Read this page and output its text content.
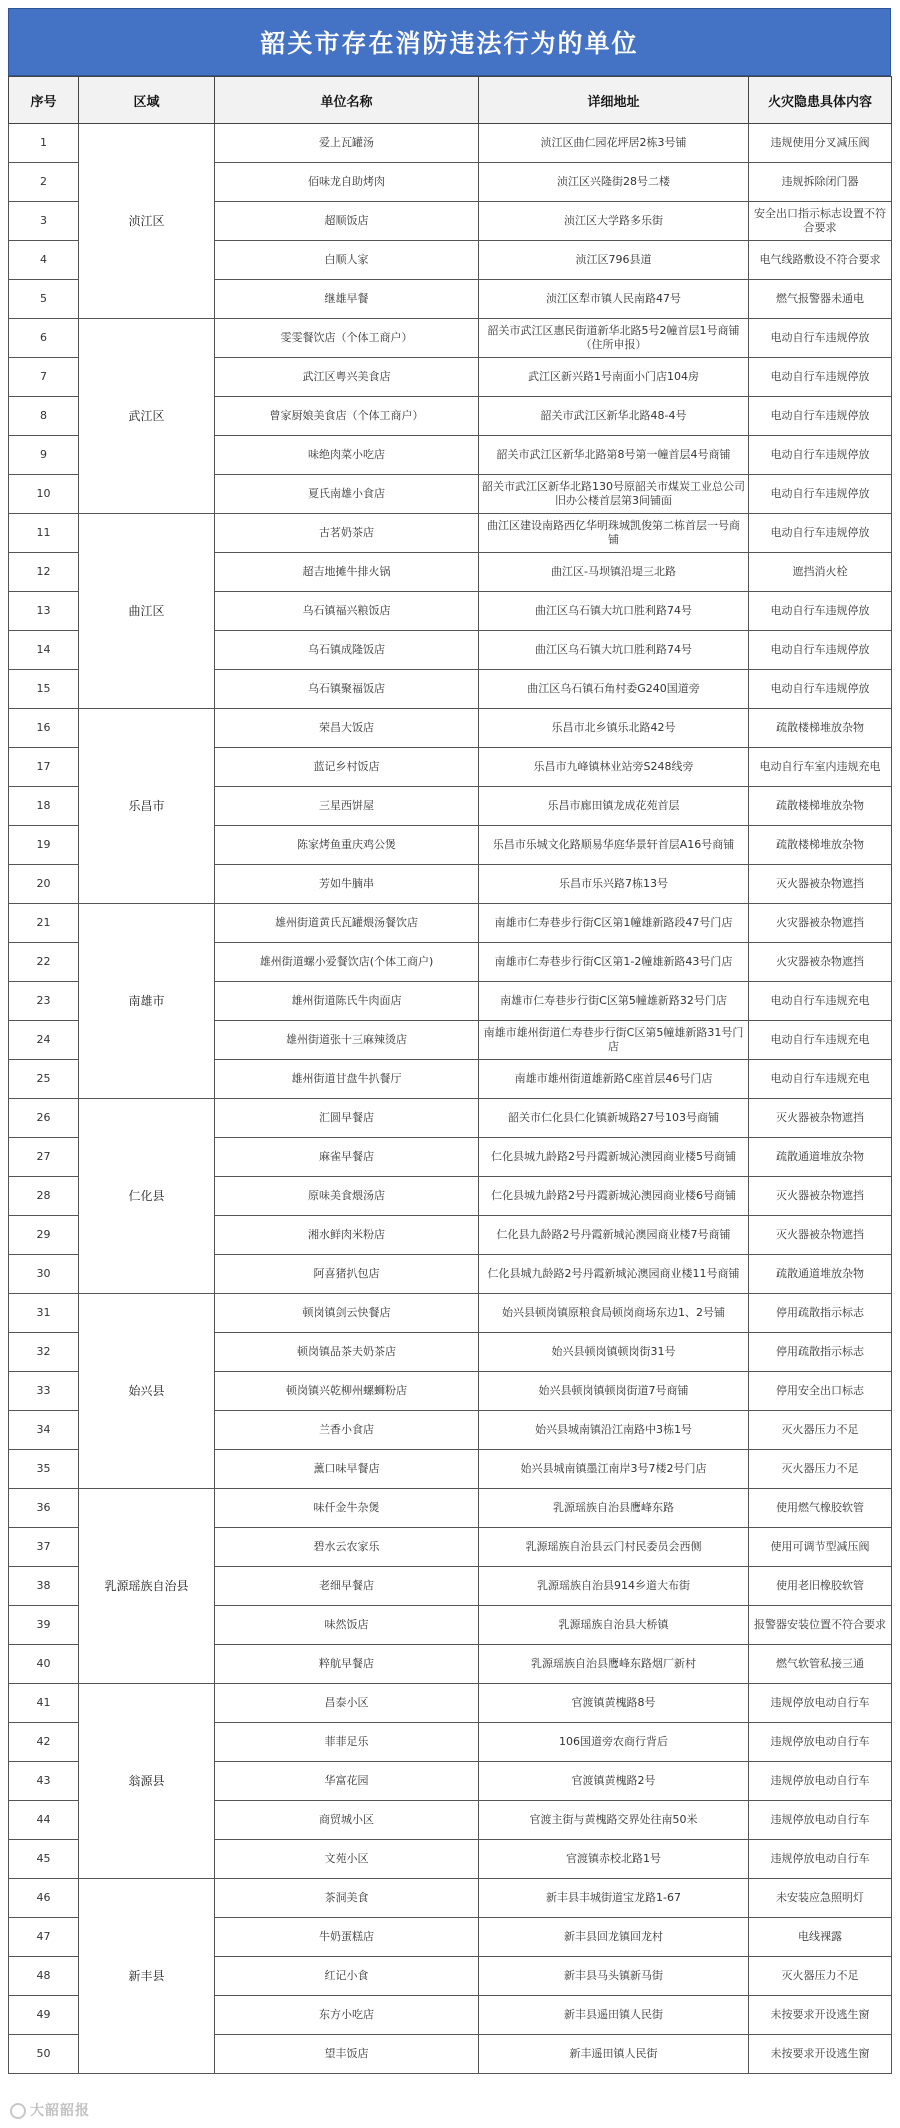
韶关市存在消防违法行为的单位
序号	区域	单位名称	详细地址	火灾隐患具体内容
1	浈江区	爱上瓦罐汤	浈江区曲仁园花坪居2栋3号铺	违规使用分叉减压阀
2		佰味龙自助烤肉	浈江区兴隆街28号二楼	违规拆除闭门器
3		超顺饭店	浈江区大学路多乐街	安全出口指示标志设置不符合要求
4		白顺人家	浈江区796县道	电气线路敷设不符合要求
5		继雄早餐	浈江区犁市镇人民南路47号	燃气报警器未通电
6	武江区	雯雯餐饮店（个体工商户）	韶关市武江区惠民街道新华北路5号2幢首层1号商铺（住所申报）	电动自行车违规停放
7		武江区粤兴美食店	武江区新兴路1号南面小门店104房	电动自行车违规停放
8		曾家厨娘美食店（个体工商户）	韶关市武江区新华北路48-4号	电动自行车违规停放
9		味绝肉菜小吃店	韶关市武江区新华北路第8号第一幢首层4号商铺	电动自行车违规停放
10		夏氏南雄小食店	韶关市武江区新华北路130号原韶关市煤炭工业总公司旧办公楼首层第3间铺面	电动自行车违规停放
11	曲江区	古茗奶茶店	曲江区建设南路西亿华明珠城凯俊第二栋首层一号商铺	电动自行车违规停放
12		超吉地摊牛排火锅	曲江区-马坝镇沿堤三北路	遮挡消火栓
13		乌石镇福兴粮饭店	曲江区乌石镇大坑口胜利路74号	电动自行车违规停放
14		乌石镇成隆饭店	曲江区乌石镇大坑口胜利路74号	电动自行车违规停放
15		乌石镇聚福饭店	曲江区乌石镇石角村委G240国道旁	电动自行车违规停放
16	乐昌市	荣昌大饭店	乐昌市北乡镇乐北路42号	疏散楼梯堆放杂物
17		蓝记乡村饭店	乐昌市九峰镇林业站旁S248线旁	电动自行车室内违规充电
18		三星西饼屋	乐昌市廊田镇龙成花苑首层	疏散楼梯堆放杂物
19		陈家烤鱼重庆鸡公煲	乐昌市乐城文化路顺易华庭华景轩首层A16号商铺	疏散楼梯堆放杂物
20		芳如牛腩串	乐昌市乐兴路7栋13号	灭火器被杂物遮挡
21	南雄市	雄州街道黄氏瓦罐煨汤餐饮店	南雄市仁寿巷步行街C区第1幢雄新路段47号门店	火灾器被杂物遮挡
22		雄州街道螺小爱餐饮店(个体工商户)	南雄市仁寿巷步行街C区第1-2幢雄新路43号门店	火灾器被杂物遮挡
23		雄州街道陈氏牛肉面店	南雄市仁寿巷步行街C区第5幢雄新路32号门店	电动自行车违规充电
24		雄州街道张十三麻辣烫店	南雄市雄州街道仁寿巷步行街C区第5幢雄新路31号门店	电动自行车违规充电
25		雄州街道甘盘牛扒餐厅	南雄市雄州街道雄新路C座首层46号门店	电动自行车违规充电
26	仁化县	汇圆早餐店	韶关市仁化县仁化镇新城路27号103号商铺	灭火器被杂物遮挡
27		麻雀早餐店	仁化县城九龄路2号丹霞新城沁澳园商业楼5号商铺	疏散通道堆放杂物
28		原味美食煨汤店	仁化县城九龄路2号丹霞新城沁澳园商业楼6号商铺	灭火器被杂物遮挡
29		湘水鲜肉米粉店	仁化县九龄路2号丹霞新城沁澳园商业楼7号商铺	灭火器被杂物遮挡
30		阿喜猪扒包店	仁化县城九龄路2号丹霞新城沁澳园商业楼11号商铺	疏散通道堆放杂物
31	始兴县	顿岗镇剑云快餐店	始兴县顿岗镇原粮食局顿岗商场东边1、2号铺	停用疏散指示标志
32		顿岗镇品茶夫奶茶店	始兴县顿岗镇顿岗街31号	停用疏散指示标志
33		顿岗镇兴乾柳州螺蛳粉店	始兴县顿岗镇顿岗街道7号商铺	停用安全出口标志
34		兰香小食店	始兴县城南镇沿江南路中3栋1号	灭火器压力不足
35		薰口味早餐店	始兴县城南镇墨江南岸3号7楼2号门店	灭火器压力不足
36	乳源瑶族自治县	味仟金牛杂煲	乳源瑶族自治县鹰峰东路	使用燃气橡胶软管
37		碧水云农家乐	乳源瑶族自治县云门村民委员会西侧	使用可调节型减压阀
38		老细早餐店	乳源瑶族自治县914乡道大布街	使用老旧橡胶软管
39		味然饭店	乳源瑶族自治县大桥镇	报警器安装位置不符合要求
40		粹航早餐店	乳源瑶族自治县鹰峰东路烟厂新村	燃气软管私接三通
41	翁源县	昌泰小区	官渡镇黄槐路8号	违规停放电动自行车
42		菲菲足乐	106国道旁农商行背后	违规停放电动自行车
43		华富花园	官渡镇黄槐路2号	违规停放电动自行车
44		商贸城小区	官渡主街与黄槐路交界处往南50米	违规停放电动自行车
45		文苑小区	官渡镇赤校北路1号	违规停放电动自行车
46	新丰县	茶洞美食	新丰县丰城街道宝龙路1-67	未安装应急照明灯
47		牛奶蛋糕店	新丰县回龙镇回龙村	电线裸露
48		红记小食	新丰县马头镇新马街	灭火器压力不足
49		东方小吃店	新丰县遥田镇人民街	未按要求开设逃生窗
50		望丰饭店	新丰遥田镇人民街	未按要求开设逃生窗
大韶韶报
